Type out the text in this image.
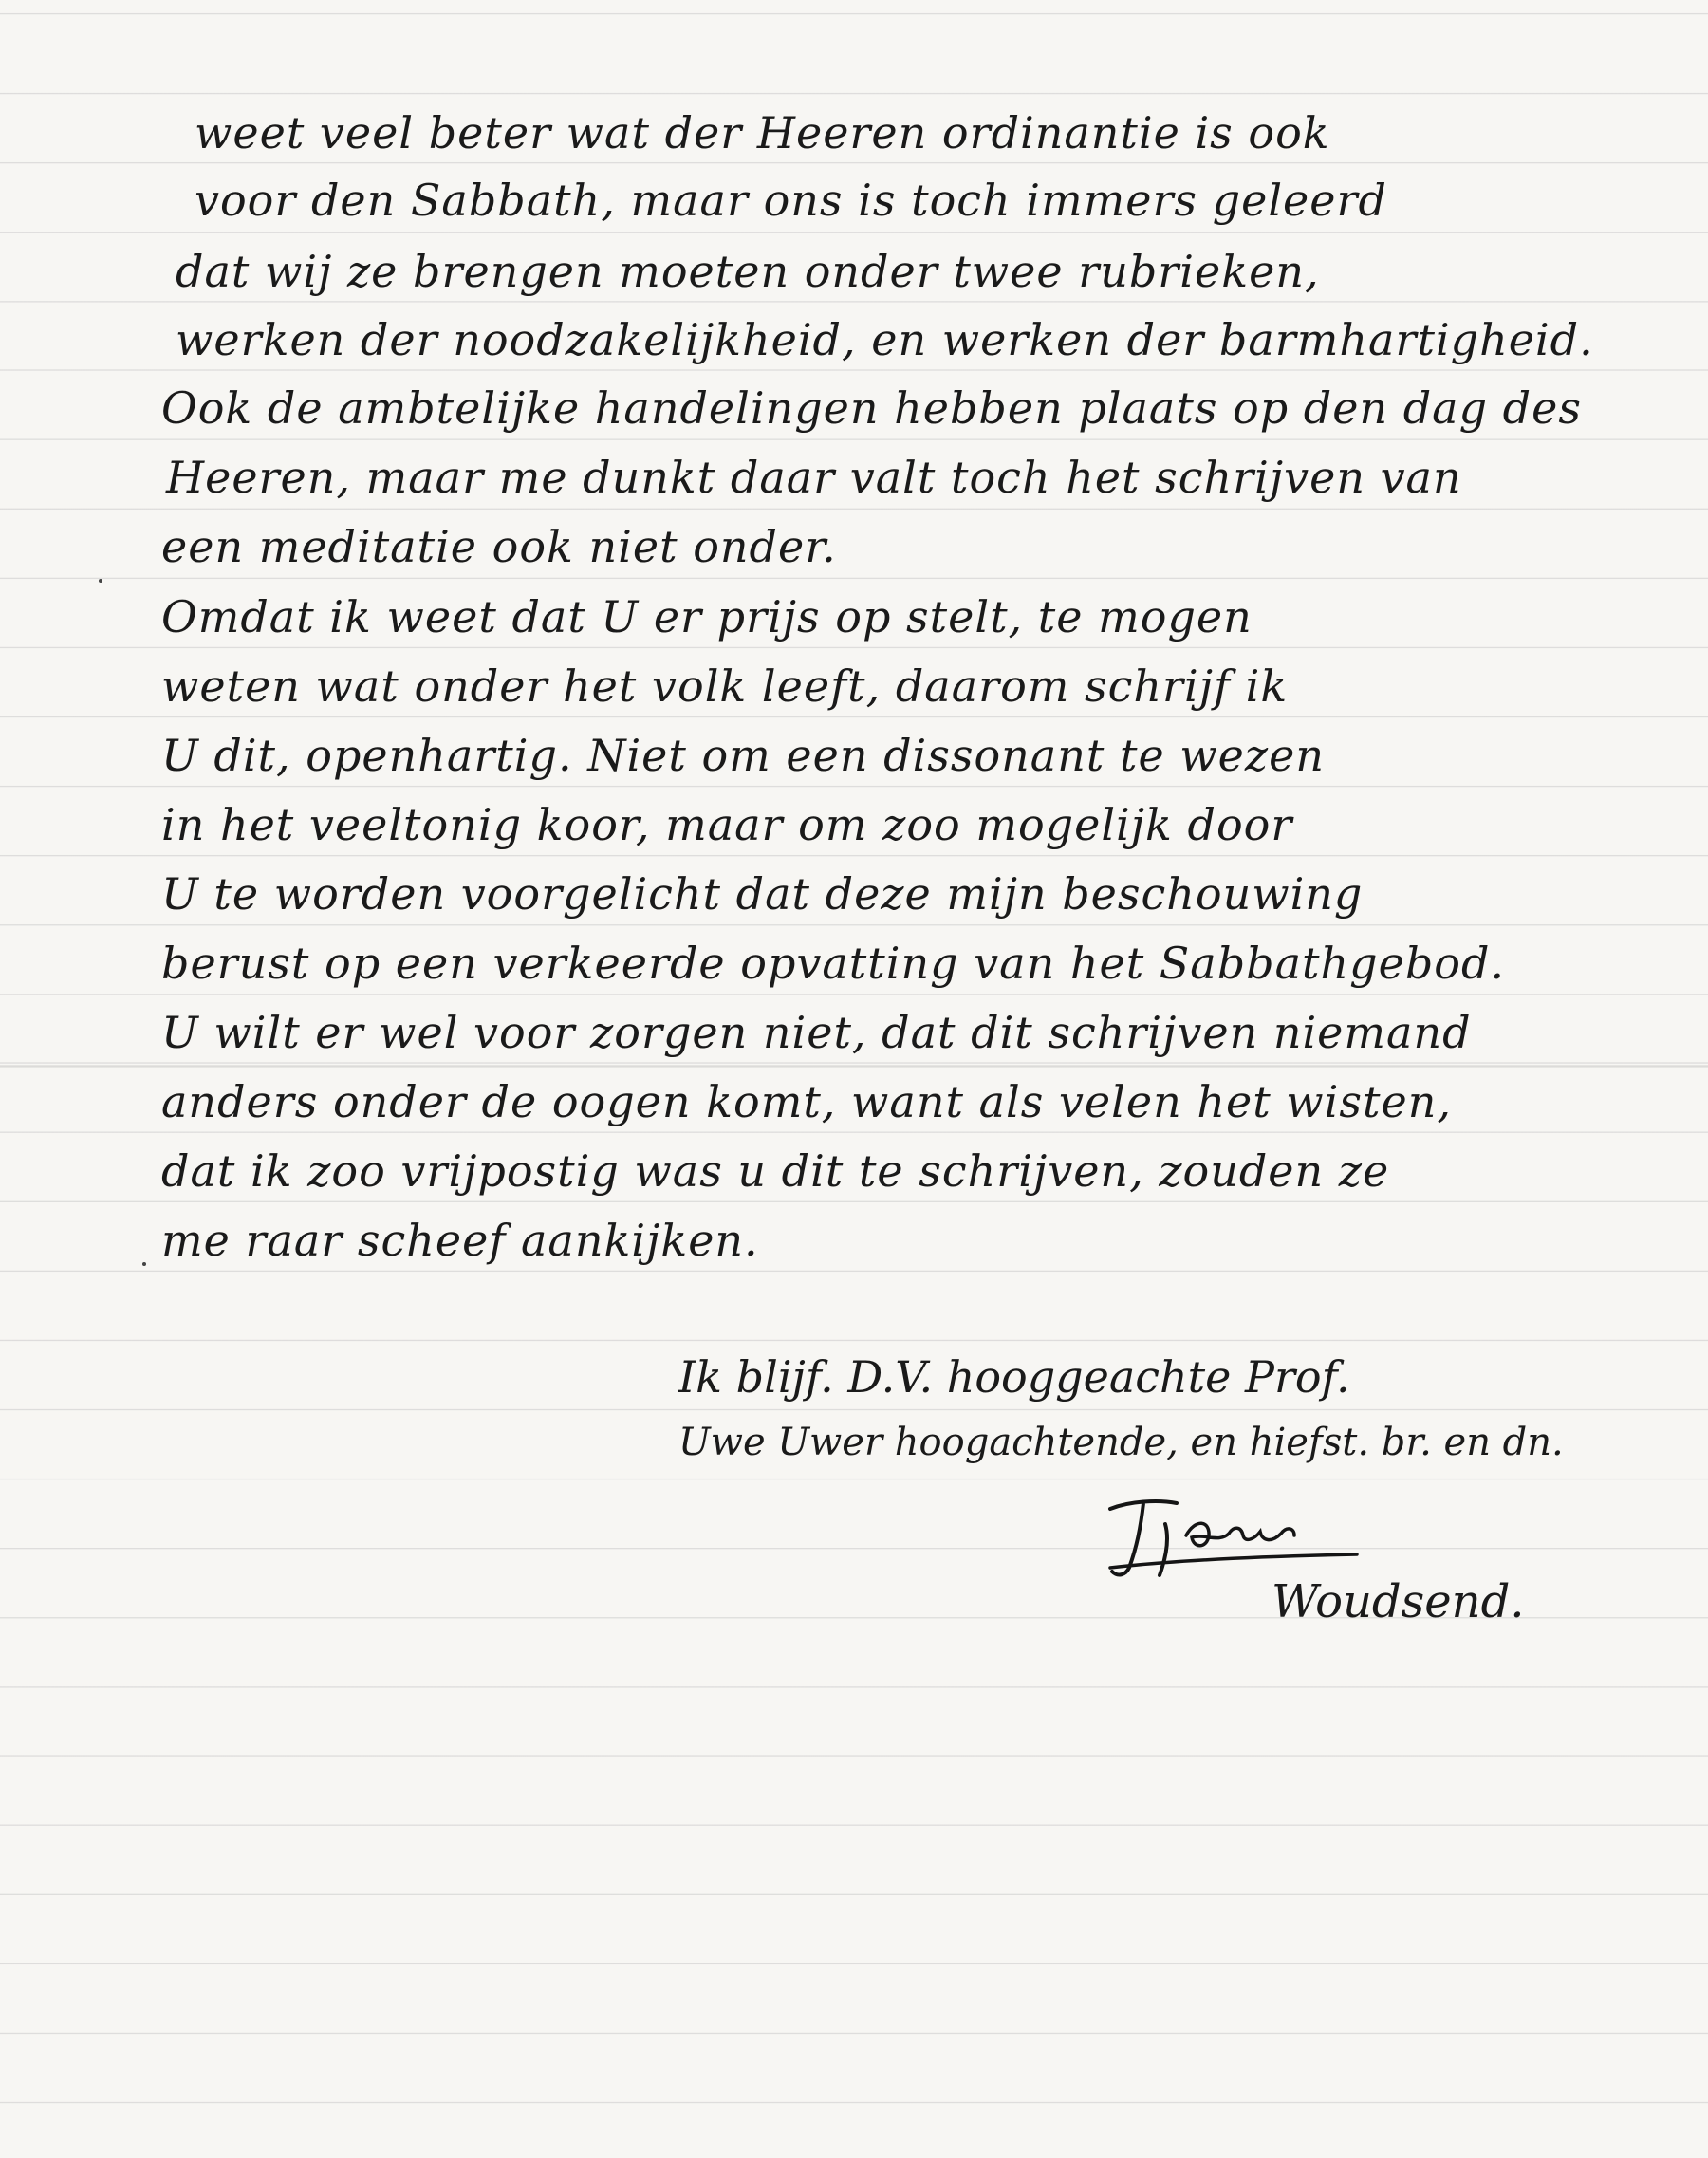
weet veel beter wat der Heeren ordinantie is ook
voor den Sabbath, maar ons is toch immers geleerd
dat wij ze brengen moeten onder twee rubrieken,
werken der noodzakelijkheid, en werken der barmhartigheid.
Ook de ambtelijke handelingen hebben plaats op den dag des
Heeren, maar me dunkt daar valt toch het schrijven van
een meditatie ook niet onder.
Omdat ik weet dat U er prijs op stelt, te mogen
weten wat onder het volk leeft, daarom schrijf ik
U dit, openhartig. Niet om een dissonant te wezen
in het veeltonig koor, maar om zoo mogelijk door
U te worden voorgelicht dat deze mijn beschouwing
berust op een verkeerde opvatting van het Sabbathgebod.
U wilt er wel voor zorgen niet, dat dit schrijven niemand
anders onder de oogen komt, want als velen het wisten,
dat ik zoo vrijpostig was u dit te schrijven, zouden ze
me raar scheef aankijken.
Ik blijf. D.V. hooggeachte Prof.
Uwe Uwer hoogachtende, en hiefst. br. en dn.
Woudsend.
